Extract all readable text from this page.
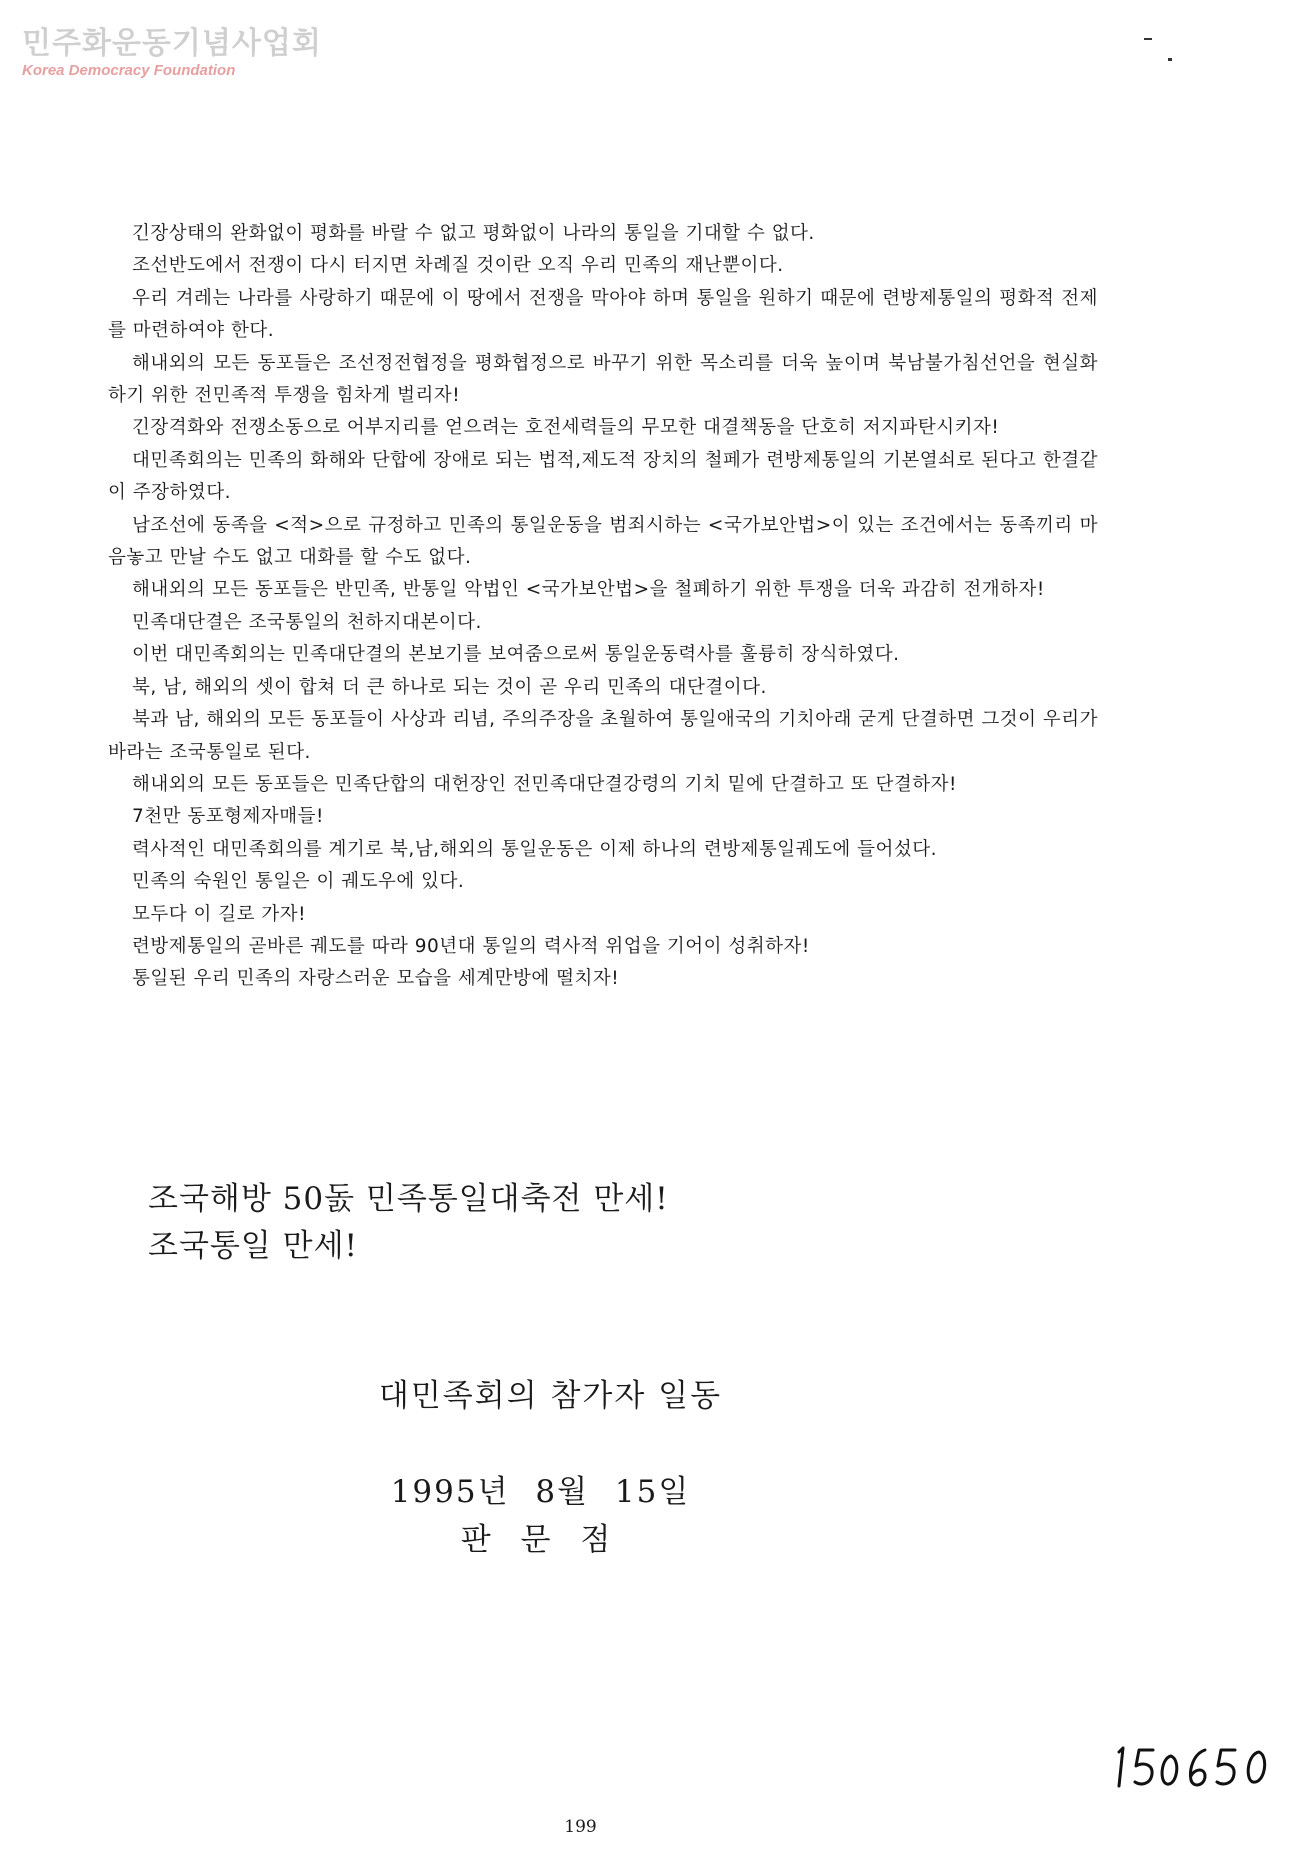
민주화운동기념사업회
Korea Democracy Foundation

긴장상태의 완화없이 평화를 바랄 수 없고 평화없이 나라의 통일을 기대할 수 없다.

조선반도에서 전쟁이 다시 터지면 차례질 것이란 오직 우리 민족의 재난뿐이다.

우리 겨레는 나라를 사랑하기 때문에 이 땅에서 전쟁을 막아야 하며 통일을 원하기 때문에 련방제통일의 평화적 전제를 마련하여야 한다.

해내외의 모든 동포들은 조선정전협정을 평화협정으로 바꾸기 위한 목소리를 더욱 높이며 북남불가침선언을 현실화하기 위한 전민족적 투쟁을 힘차게 벌리자!

긴장격화와 전쟁소동으로 어부지리를 얻으려는 호전세력들의 무모한 대결책동을 단호히 저지파탄시키자!

대민족회의는 민족의 화해와 단합에 장애로 되는 법적,제도적 장치의 철페가 련방제통일의 기본열쇠로 된다고 한결같이 주장하였다.

남조선에 동족을 <적>으로 규정하고 민족의 통일운동을 범죄시하는 <국가보안법>이 있는 조건에서는 동족끼리 마음놓고 만날 수도 없고 대화를 할 수도 없다.

해내외의 모든 동포들은 반민족, 반통일 악법인 <국가보안법>을 철폐하기 위한 투쟁을 더욱 과감히 전개하자!

민족대단결은 조국통일의 천하지대본이다.

이번 대민족회의는 민족대단결의 본보기를 보여줌으로써 통일운동력사를 훌륭히 장식하였다.

북, 남, 해외의 셋이 합쳐 더 큰 하나로 되는 것이 곧 우리 민족의 대단결이다.

북과 남, 해외의 모든 동포들이 사상과 리념, 주의주장을 초월하여 통일애국의 기치아래 굳게 단결하면 그것이 우리가 바라는 조국통일로 된다.

해내외의 모든 동포들은 민족단합의 대헌장인 전민족대단결강령의 기치 밑에 단결하고 또 단결하자!

7천만 동포형제자매들!

력사적인 대민족회의를 계기로 북,남,해외의 통일운동은 이제 하나의 련방제통일궤도에 들어섰다.

민족의 숙원인 통일은 이 궤도우에 있다.

모두다 이 길로 가자!

련방제통일의 곧바른 궤도를 따라 90년대 통일의 력사적 위업을 기어이 성취하자!

통일된 우리 민족의 자랑스러운 모습을 세계만방에 떨치자!

조국해방 50돐 민족통일대축전 만세!
조국통일 만세!
대민족회의 참가자 일동
1995년 8월 15일
판 문 점
199
